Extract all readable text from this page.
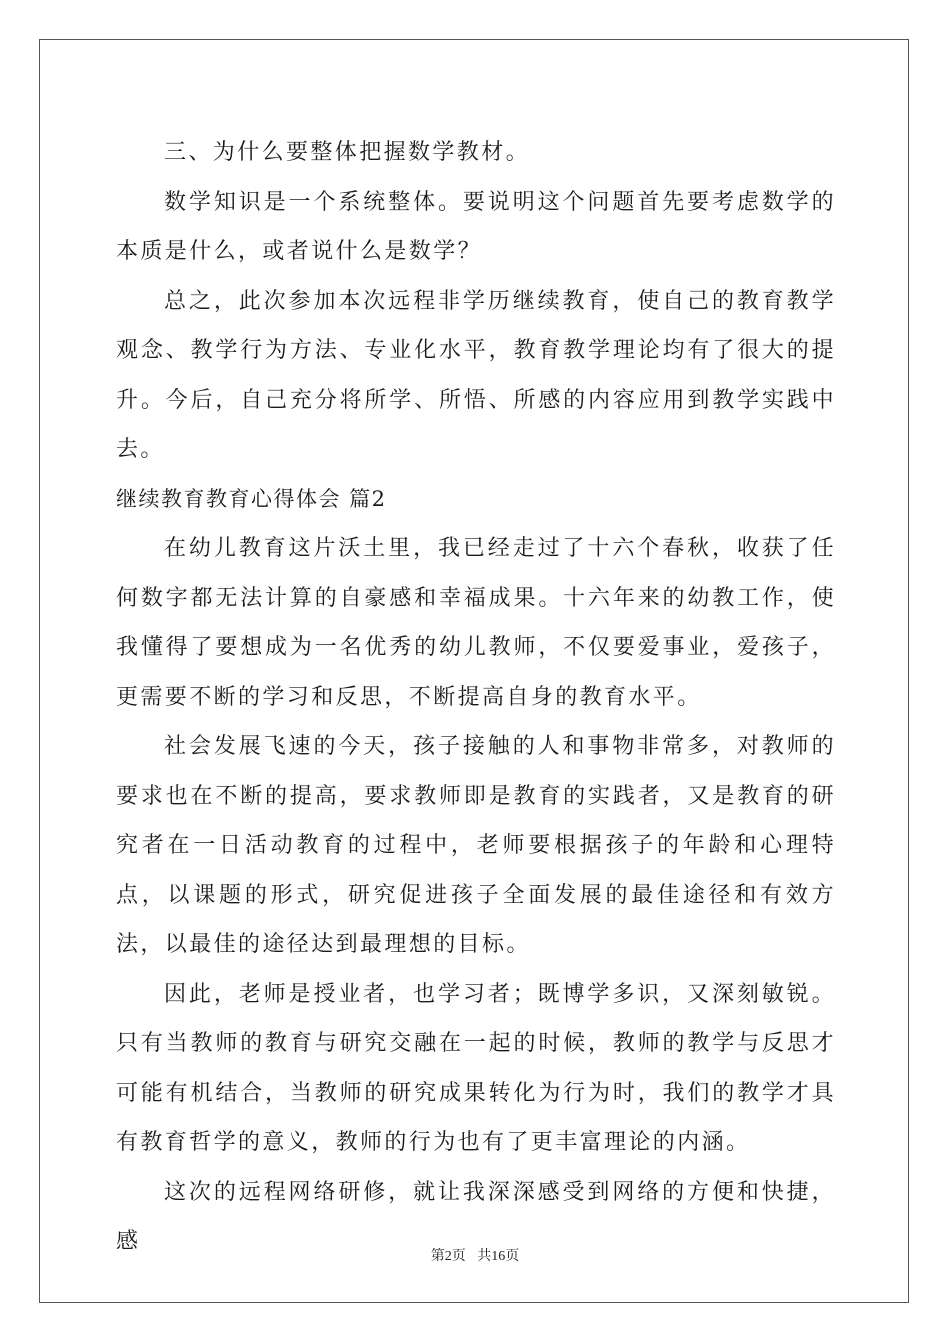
三、为什么要整体把握数学教材。

数学知识是一个系统整体。要说明这个问题首先要考虑数学的本质是什么，或者说什么是数学？

总之，此次参加本次远程非学历继续教育，使自己的教育教学观念、教学行为方法、专业化水平，教育教学理论均有了很大的提升。今后，自己充分将所学、所悟、所感的内容应用到教学实践中去。

继续教育教育心得体会 篇2

在幼儿教育这片沃土里，我已经走过了十六个春秋，收获了任何数字都无法计算的自豪感和幸福成果。十六年来的幼教工作，使我懂得了要想成为一名优秀的幼儿教师，不仅要爱事业，爱孩子，更需要不断的学习和反思，不断提高自身的教育水平。

社会发展飞速的今天，孩子接触的人和事物非常多，对教师的要求也在不断的提高，要求教师即是教育的实践者，又是教育的研究者在一日活动教育的过程中，老师要根据孩子的年龄和心理特点，以课题的形式，研究促进孩子全面发展的最佳途径和有效方法，以最佳的途径达到最理想的目标。

因此，老师是授业者，也学习者；既博学多识，又深刻敏锐。只有当教师的教育与研究交融在一起的时候，教师的教学与反思才可能有机结合，当教师的研究成果转化为行为时，我们的教学才具有教育哲学的意义，教师的行为也有了更丰富理论的内涵。

这次的远程网络研修，就让我深深感受到网络的方便和快捷，感

第2页 共16页
